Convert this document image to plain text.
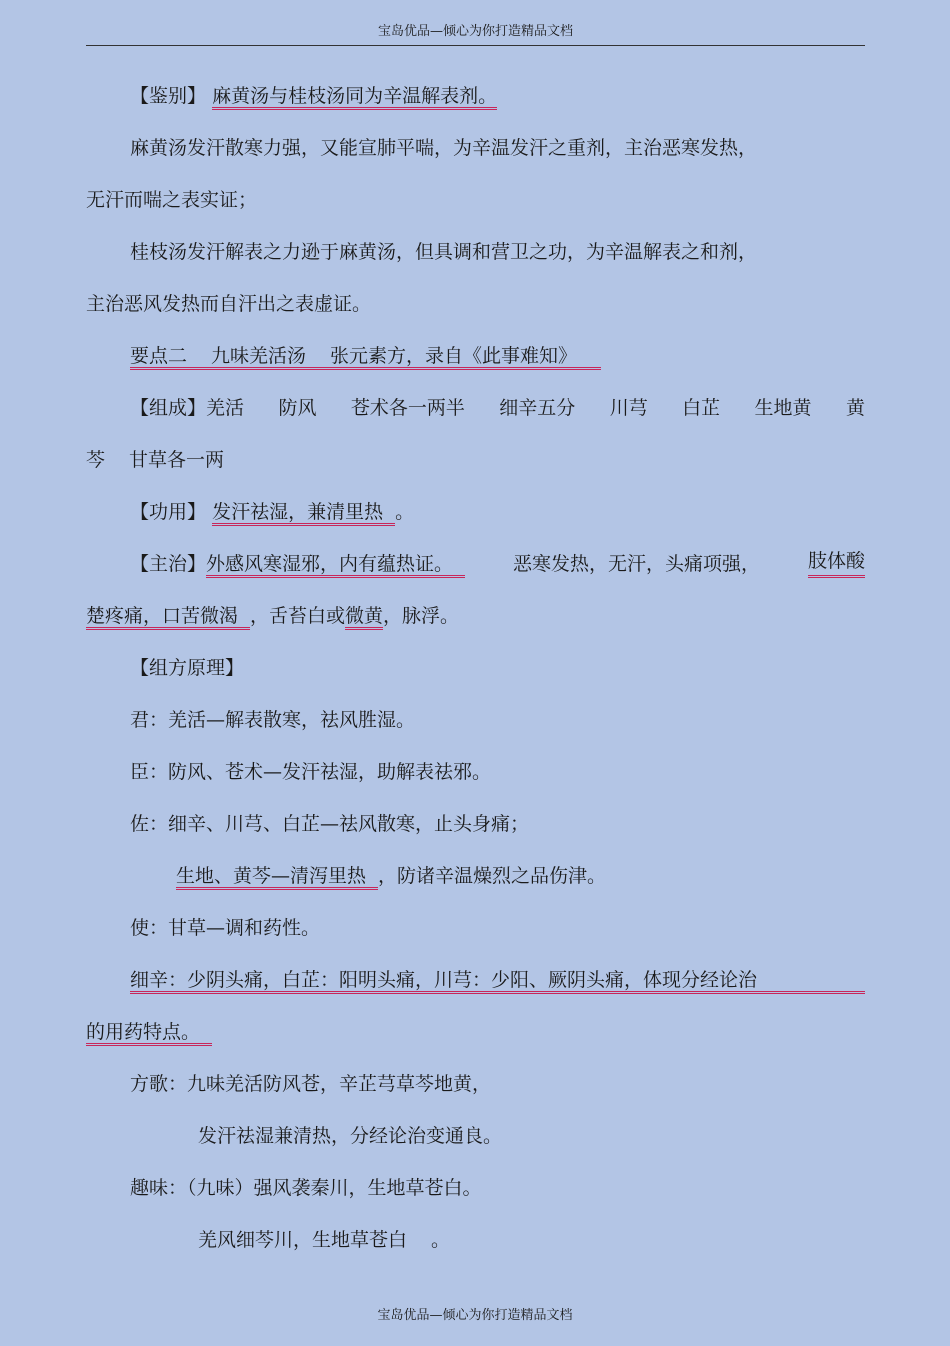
宝岛优品—倾心为你打造精品文档
【鉴别】 麻黄汤与桂枝汤同为辛温解表剂。
麻黄汤发汗散寒力强，又能宣肺平喘，为辛温发汗之重剂，主治恶寒发热，
无汗而喘之表实证；
桂枝汤发汗解表之力逊于麻黄汤，但具调和营卫之功，为辛温解表之和剂，
主治恶风发热而自汗出之表虚证。
要点二 九味羌活汤 张元素方，录自《此事难知》
【组成】羌活 防风 苍术各一两半 细辛五分 川芎 白芷 生地黄 黄
芩 甘草各一两
【功用】 发汗祛湿，兼清里热 。
【主治】外感风寒湿邪，内有蕴热证。	恶寒发热，无汗，头痛项强，	肢体酸
楚疼痛，口苦微渴 ，舌苔白或微黄，脉浮。
【组方原理】
君：羌活—解表散寒，祛风胜湿。
臣：防风、苍术—发汗祛湿，助解表祛邪。
佐：细辛、川芎、白芷—祛风散寒，止头身痛；
生地、黄芩—清泻里热 ，防诸辛温燥烈之品伤津。
使：甘草—调和药性。
细辛：少阴头痛，白芷：阳明头痛，川芎：少阳、厥阴头痛，体现分经论治
的用药特点。
方歌：九味羌活防风苍，辛芷芎草芩地黄，
发汗祛湿兼清热，分经论治变通良。
趣味：（九味）强风袭秦川，生地草苍白。
羌风细芩川，生地草苍白 。
宝岛优品—倾心为你打造精品文档
